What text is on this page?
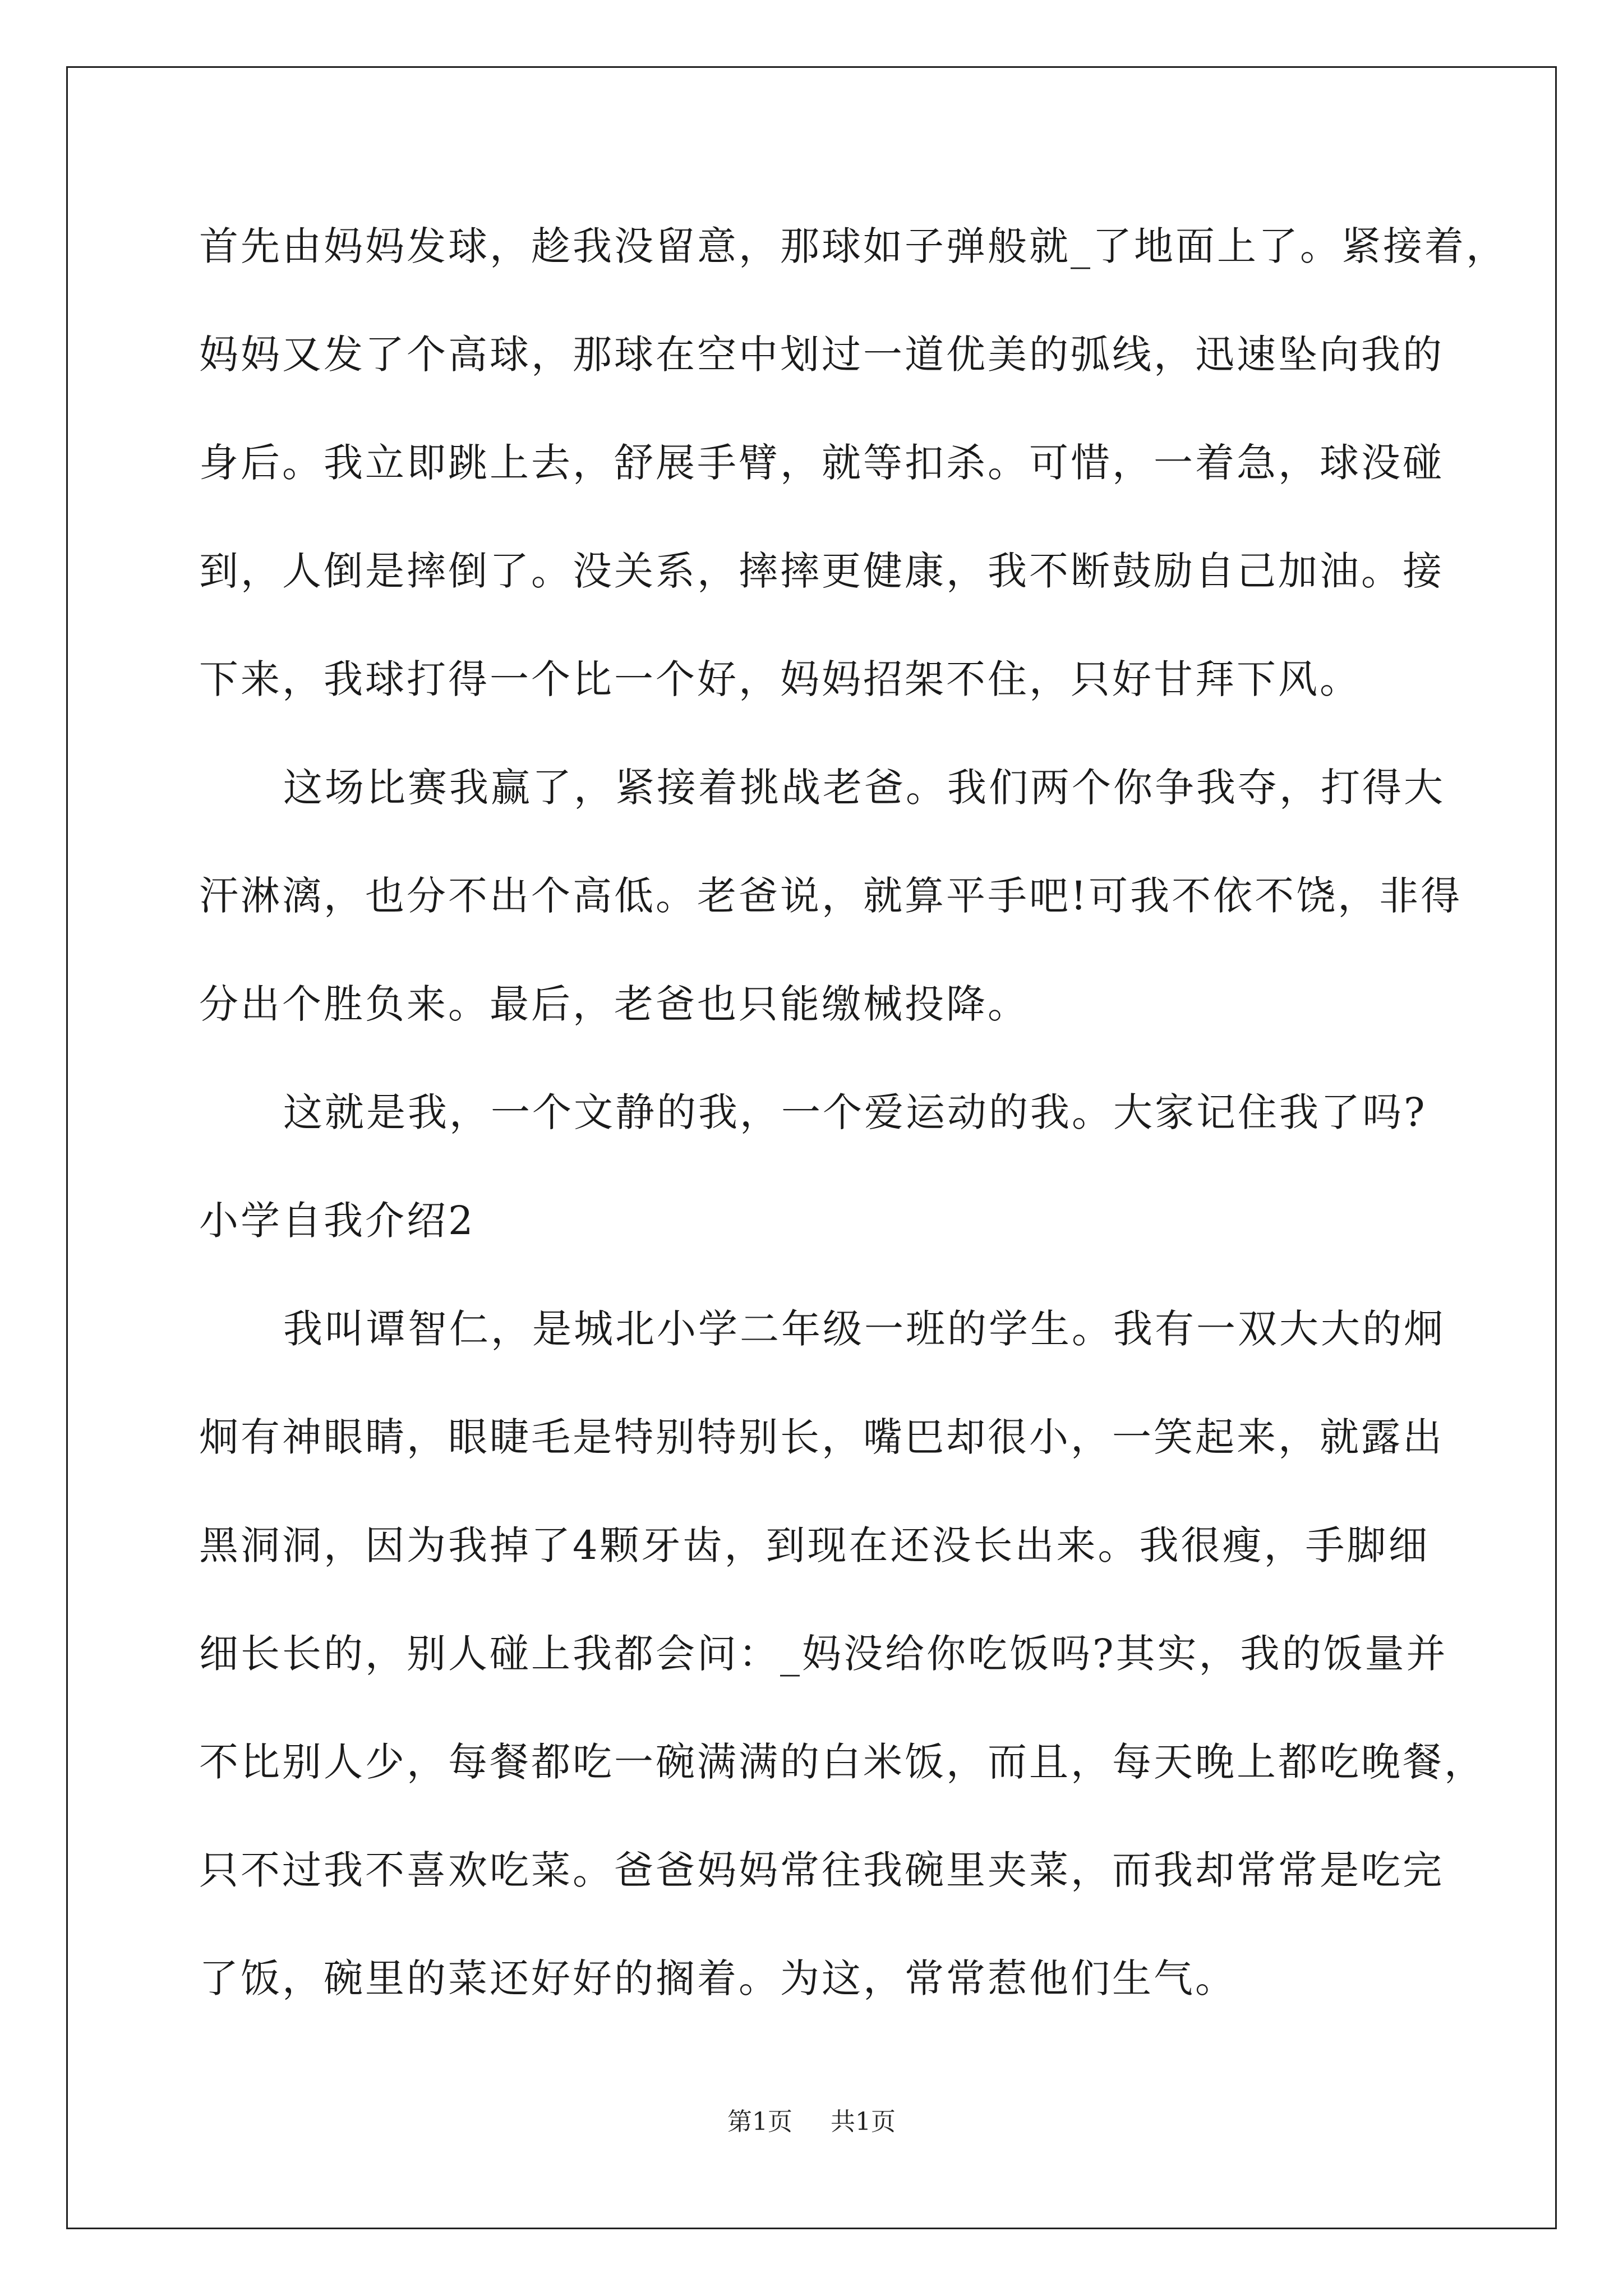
首先由妈妈发球，趁我没留意，那球如子弹般就_了地面上了。紧接着，
妈妈又发了个高球，那球在空中划过一道优美的弧线，迅速坠向我的
身后。我立即跳上去，舒展手臂，就等扣杀。可惜，一着急，球没碰
到，人倒是摔倒了。没关系，摔摔更健康，我不断鼓励自己加油。接
下来，我球打得一个比一个好，妈妈招架不住，只好甘拜下风。
这场比赛我赢了，紧接着挑战老爸。我们两个你争我夺，打得大
汗淋漓，也分不出个高低。老爸说，就算平手吧!可我不依不饶，非得
分出个胜负来。最后，老爸也只能缴械投降。
这就是我，一个文静的我，一个爱运动的我。大家记住我了吗?
小学自我介绍2
我叫谭智仁，是城北小学二年级一班的学生。我有一双大大的炯
炯有神眼睛，眼睫毛是特别特别长，嘴巴却很小，一笑起来，就露出
黑洞洞，因为我掉了4颗牙齿，到现在还没长出来。我很瘦，手脚细
细长长的，别人碰上我都会问：_妈没给你吃饭吗?其实，我的饭量并
不比别人少，每餐都吃一碗满满的白米饭，而且，每天晚上都吃晚餐，
只不过我不喜欢吃菜。爸爸妈妈常往我碗里夹菜，而我却常常是吃完
了饭，碗里的菜还好好的搁着。为这，常常惹他们生气。
第1页 共1页
